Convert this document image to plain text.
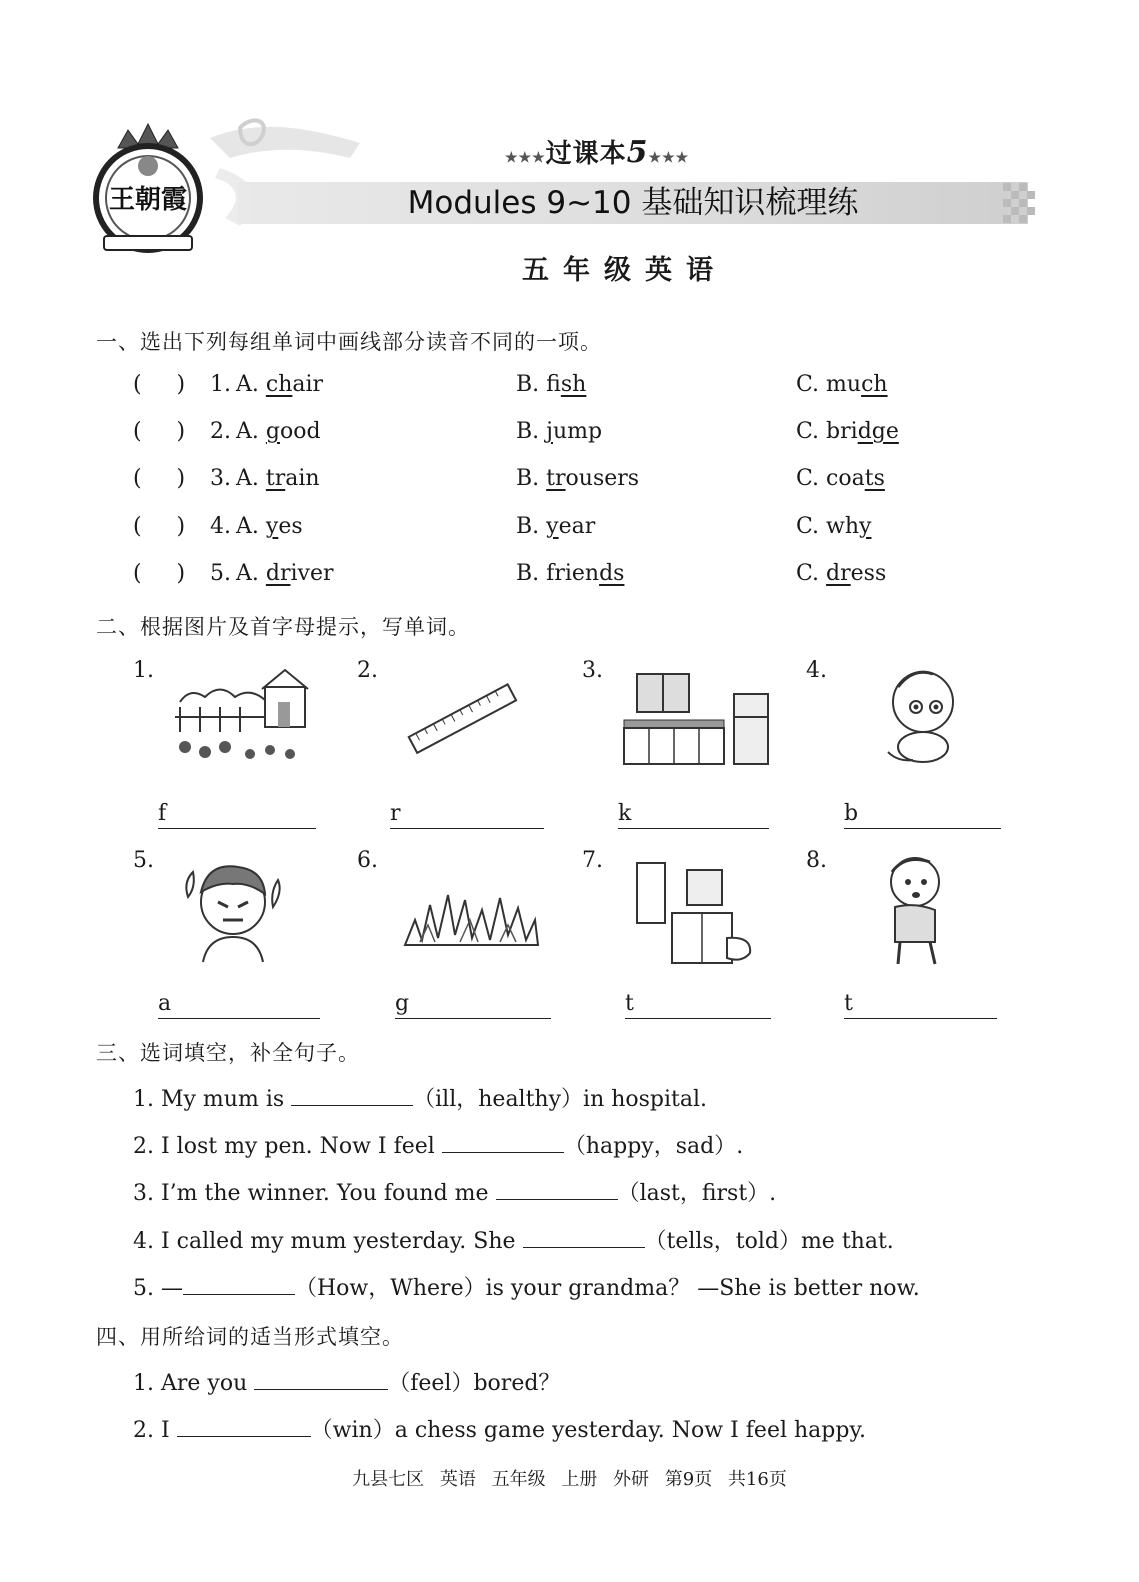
王朝霞
★★★过课本5★★★
Modules 9~10 基础知识梳理练
五年级英语
一、选出下列每组单词中画线部分读音不同的一项。
(     ) 1. A. chair	B. fish	C. much
(     ) 2. A. good	B. jump	C. bridge
(     ) 3. A. train	B. trousers	C. coats
(     ) 4. A. yes	B. year	C. why
(     ) 5. A. driver	B. friends	C. dress
二、根据图片及首字母提示，写单词。
1.
f
2.
r
3.
k
4.
b
5.
a
6.
g
7.
t
8.
t
三、选词填空，补全句子。
1. My mum is	（ill，healthy）in hospital.
2. I lost my pen. Now I feel	（happy，sad）.
3. I’m the winner. You found me	（last，first）.
4. I called my mum yesterday. She	（tells，told）me that.
5. —	（How，Where）is your grandma？ —She is better now.
四、用所给词的适当形式填空。
1. Are you	（feel）bored？
2. I	（win）a chess game yesterday. Now I feel happy.
九县七区 英语 五年级 上册 外研 第9页 共16页
